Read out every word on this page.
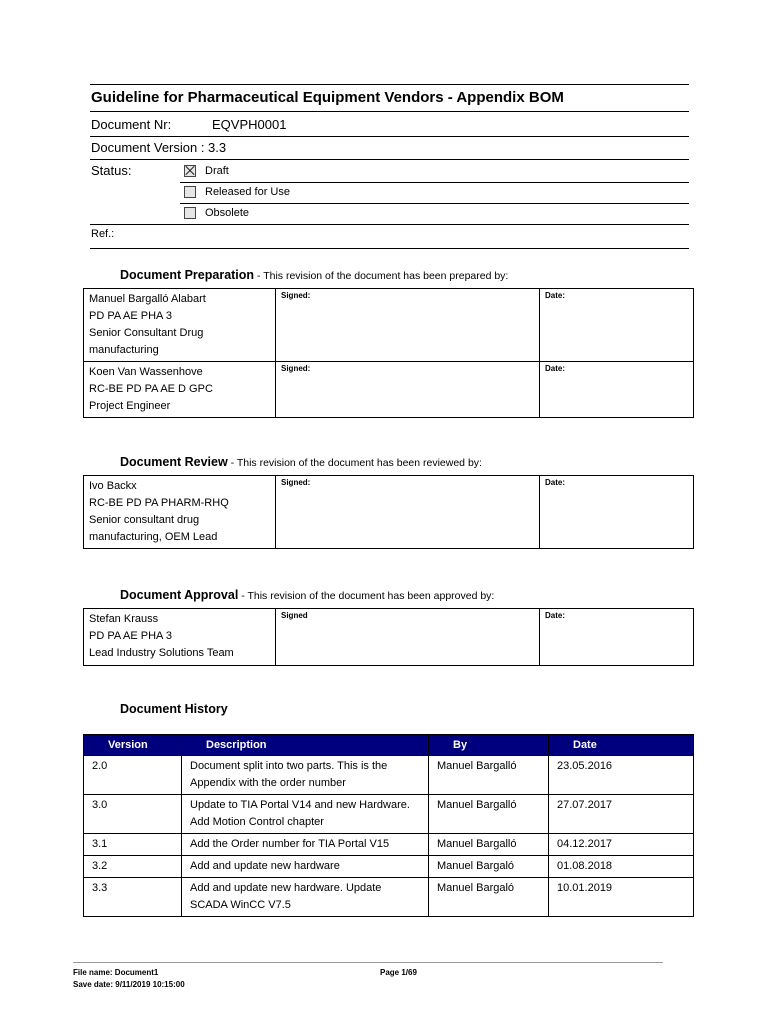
Guideline for Pharmaceutical Equipment Vendors - Appendix BOM
Document Nr:	EQVPH0001
Document Version : 3.3
Status:	Draft
Released for Use
Obsolete
Ref.:
Document Preparation - This revision of the document has been prepared by:
Manuel Bargalló Alabart
PD PA AE PHA 3
Senior Consultant Drug
manufacturing	Signed:	Date:

Koen Van Wassenhove
RC-BE PD PA AE D GPC
Project Engineer	Signed:	Date:
Document Review - This revision of the document has been reviewed by:
Ivo Backx
RC-BE PD PA PHARM-RHQ
Senior consultant drug
manufacturing, OEM Lead
	Signed:	Date:
Document Approval - This revision of the document has been approved by:
Stefan Krauss
PD PA AE PHA 3
Lead Industry Solutions Team
	Signed	Date:
Document History
Version	Description	By	Date
2.0	Document split into two parts. This is the Appendix with the order number	Manuel Bargalló	23.05.2016
3.0	Update to TIA Portal V14 and new Hardware.
Add Motion Control chapter	Manuel Bargalló	27.07.2017
3.1	Add the Order number for TIA Portal V15	Manuel Bargalló	04.12.2017
3.2	Add and update new hardware	Manuel Bargaló	01.08.2018
3.3	Add and update new hardware. Update SCADA WinCC V7.5	Manuel Bargaló	10.01.2019
File name: Document1
Save date: 9/11/2019 10:15:00
Page 1/69
